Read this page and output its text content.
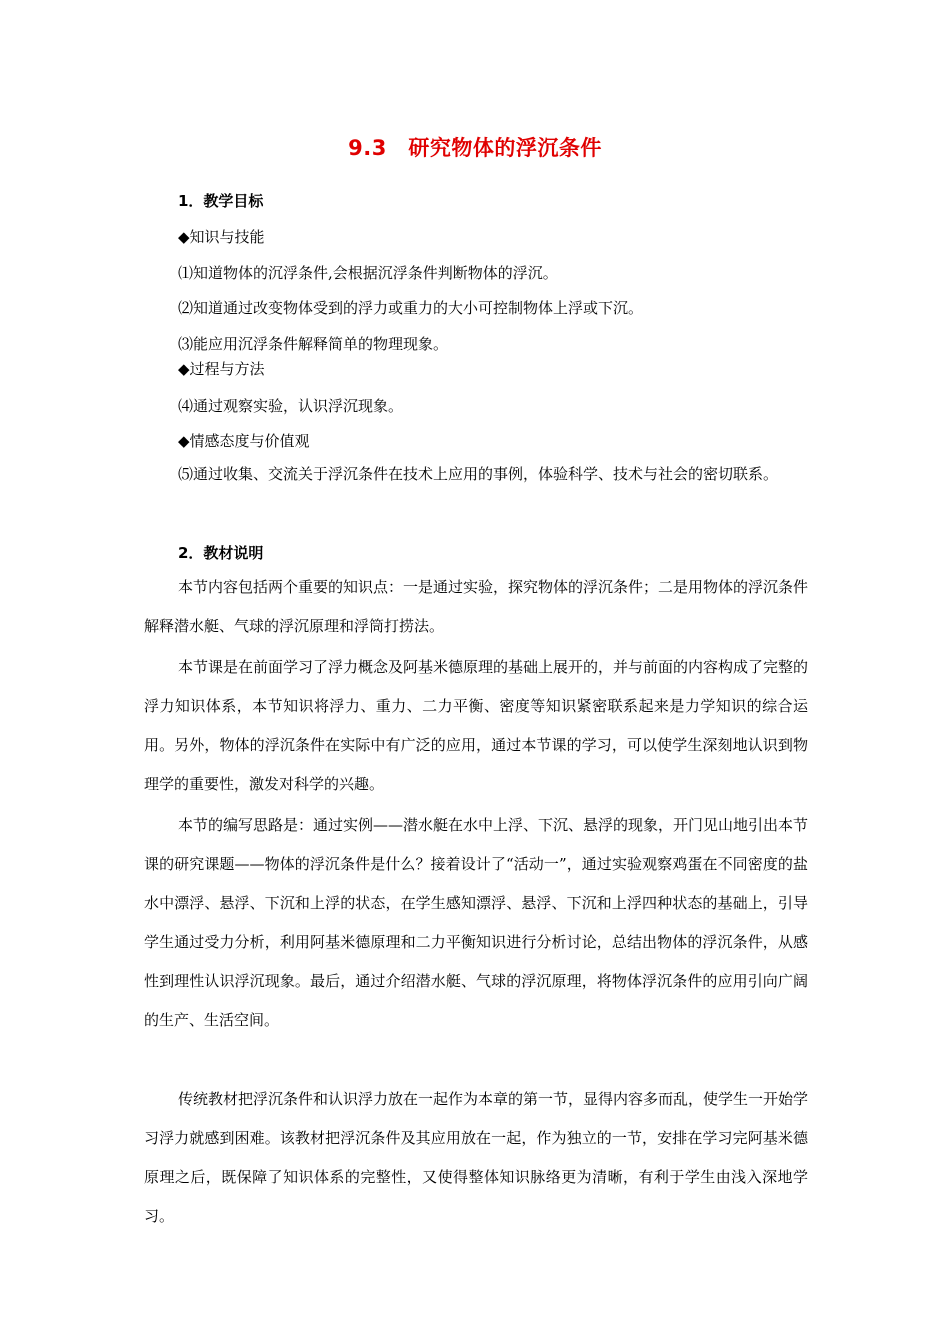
9.3　研究物体的浮沉条件
1．教学目标
◆知识与技能
⑴知道物体的沉浮条件,会根据沉浮条件判断物体的浮沉。
⑵知道通过改变物体受到的浮力或重力的大小可控制物体上浮或下沉。
⑶能应用沉浮条件解释简单的物理现象。
◆过程与方法
⑷通过观察实验，认识浮沉现象。
◆情感态度与价值观

⑸通过收集、交流关于浮沉条件在技术上应用的事例，体验科学、技术与社会的密切联系。

2．教材说明

本节内容包括两个重要的知识点：一是通过实验，探究物体的浮沉条件；二是用物体的浮沉条件解释潜水艇、气球的浮沉原理和浮筒打捞法。

本节课是在前面学习了浮力概念及阿基米德原理的基础上展开的，并与前面的内容构成了完整的浮力知识体系，本节知识将浮力、重力、二力平衡、密度等知识紧密联系起来是力学知识的综合运用。另外，物体的浮沉条件在实际中有广泛的应用，通过本节课的学习，可以使学生深刻地认识到物理学的重要性，激发对科学的兴趣。

本节的编写思路是：通过实例——潜水艇在水中上浮、下沉、悬浮的现象，开门见山地引出本节课的研究课题——物体的浮沉条件是什么？接着设计了“活动一”，通过实验观察鸡蛋在不同密度的盐水中漂浮、悬浮、下沉和上浮的状态，在学生感知漂浮、悬浮、下沉和上浮四种状态的基础上，引导学生通过受力分析，利用阿基米德原理和二力平衡知识进行分析讨论，总结出物体的浮沉条件，从感性到理性认识浮沉现象。最后，通过介绍潜水艇、气球的浮沉原理，将物体浮沉条件的应用引向广阔的生产、生活空间。

传统教材把浮沉条件和认识浮力放在一起作为本章的第一节，显得内容多而乱，使学生一开始学习浮力就感到困难。该教材把浮沉条件及其应用放在一起，作为独立的一节，安排在学习完阿基米德原理之后，既保障了知识体系的完整性，又使得整体知识脉络更为清晰，有利于学生由浅入深地学习。
